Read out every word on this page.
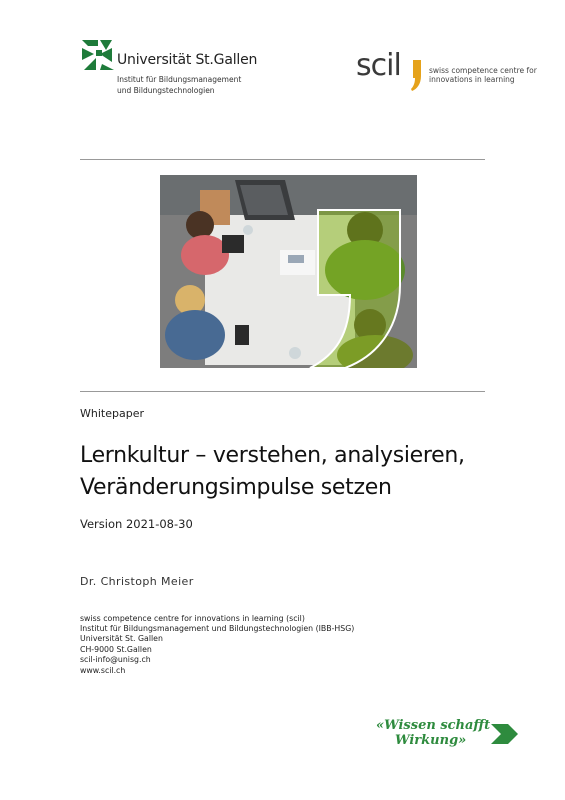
Universität St.Gallen
Institut für Bildungsmanagement
und Bildungstechnologien
scil	swiss competence centre for
innovations in learning
Whitepaper
Lernkultur – verstehen, analysieren,
Veränderungsimpulse setzen
Version 2021-08-30
Dr. Christoph Meier
swiss competence centre for innovations in learning (scil)
Institut für Bildungsmanagement und Bildungstechnologien (IBB-HSG)
Universität St. Gallen
CH-9000 St.Gallen
scil-info@unisg.ch
www.scil.ch
«Wissen schafft
Wirkung»
